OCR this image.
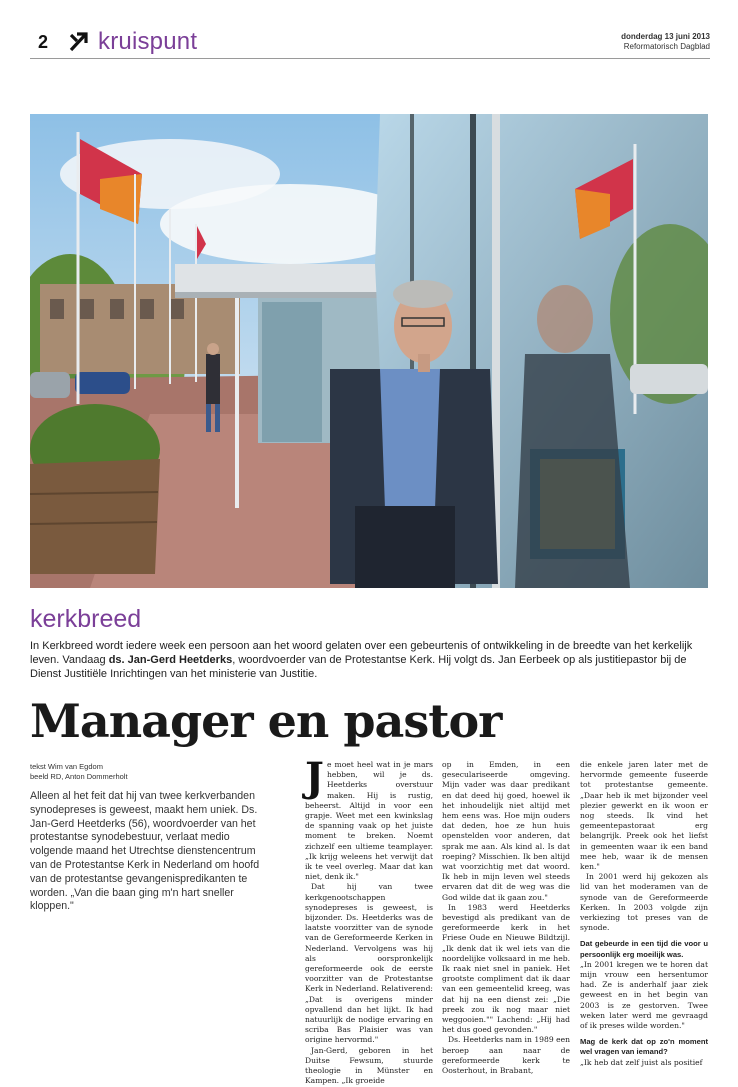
2 kruispunt	donderdag 13 juni 2013
Reformatorisch Dagblad
kerkbreed
In Kerkbreed wordt iedere week een persoon aan het woord gelaten over een gebeurtenis of ontwikkeling in de breedte van het kerkelijk leven. Vandaag ds. Jan-Gerd Heetderks, woordvoerder van de Protestantse Kerk. Hij volgt ds. Jan Eerbeek op als justitiepastor bij de Dienst Justitiële Inrichtingen van het ministerie van Justitie.
Manager en pastor
tekst Wim van Egdom
beeld RD, Anton Dommerholt
Alleen al het feit dat hij van twee kerkverbanden synodepreses is geweest, maakt hem uniek. Ds. Jan-Gerd Heetderks (56), woordvoerder van het protestantse synodebestuur, verlaat medio volgende maand het Utrechtse dienstencentrum van de Protestantse Kerk in Nederland om hoofd van de protestantse gevangenispredikanten te worden. „Van die baan ging m'n hart sneller kloppen."
J e moet heel wat in je mars hebben, wil je ds. Heetderks overstuur maken. Hij is rustig, beheerst. Altijd in voor een grapje. Weet met een kwinkslag de spanning vaak op het juiste moment te breken. Noemt zichzelf een ultieme teamplayer. „Ik krijg weleens het verwijt dat ik te veel overleg. Maar dat kan niet, denk ik."

Dat hij van twee kerkgenootschappen synodepreses is geweest, is bijzonder. Ds. Heetderks was de laatste voorzitter van de synode van de Gereformeerde Kerken in Nederland. Vervolgens was hij als oorspronkelijk gereformeerde ook de eerste voorzitter van de Protestantse Kerk in Nederland. Relativerend: „Dat is overigens minder opvallend dan het lijkt. Ik had natuurlijk de nodige ervaring en scriba Bas Plaisier was van origine hervormd."

Jan-Gerd, geboren in het Duitse Fewsum, stuurde theologie in Münster en Kampen. „Ik groeide

op in Emden, in een geseculariseerde omgeving. Mijn vader was daar predikant en dat deed hij goed, hoewel ik het inhoudelijk niet altijd met hem eens was. Hoe mijn ouders dat deden, hoe ze hun huis openstelden voor anderen, dat sprak me aan. Als kind al. Is dat roeping? Misschien. Ik ben altijd wat voorzichtig met dat woord. Ik heb in mijn leven wel steeds ervaren dat dit de weg was die God wilde dat ik gaan zou."

In 1983 werd Heetderks bevestigd als predikant van de gereformeerde kerk in het Friese Oude en Nieuwe Bildtzijl. „Ik denk dat ik wel iets van die noordelijke volksaard in me heb. Ik raak niet snel in paniek. Het grootste compliment dat ik daar van een gemeentelid kreeg, was dat hij na een dienst zei: „Die preek zou ik nog maar niet weggooien."" Lachend: „Hij had het dus goed gevonden."

Ds. Heetderks nam in 1989 een beroep aan naar de gereformeerde kerk te Oosterhout, in Brabant,

die enkele jaren later met de hervormde gemeente fuseerde tot protestantse gemeente. „Daar heb ik met bijzonder veel plezier gewerkt en ik woon er nog steeds. Ik vind het gemeentepastoraat erg belangrijk. Preek ook het liefst in gemeenten waar ik een band mee heb, waar ik de mensen ken."

In 2001 werd hij gekozen als lid van het moderamen van de synode van de Gereformeerde Kerken. In 2003 volgde zijn verkiezing tot preses van de synode.

Dat gebeurde in een tijd die voor u persoonlijk erg moeilijk was.

„In 2001 kregen we te horen dat mijn vrouw een hersentumor had. Ze is anderhalf jaar ziek geweest en in het begin van 2003 is ze gestorven. Twee weken later werd me gevraagd of ik preses wilde worden."

Mag de kerk dat op zo'n moment wel vragen van iemand?

„Ik heb dat zelf juist als positief
